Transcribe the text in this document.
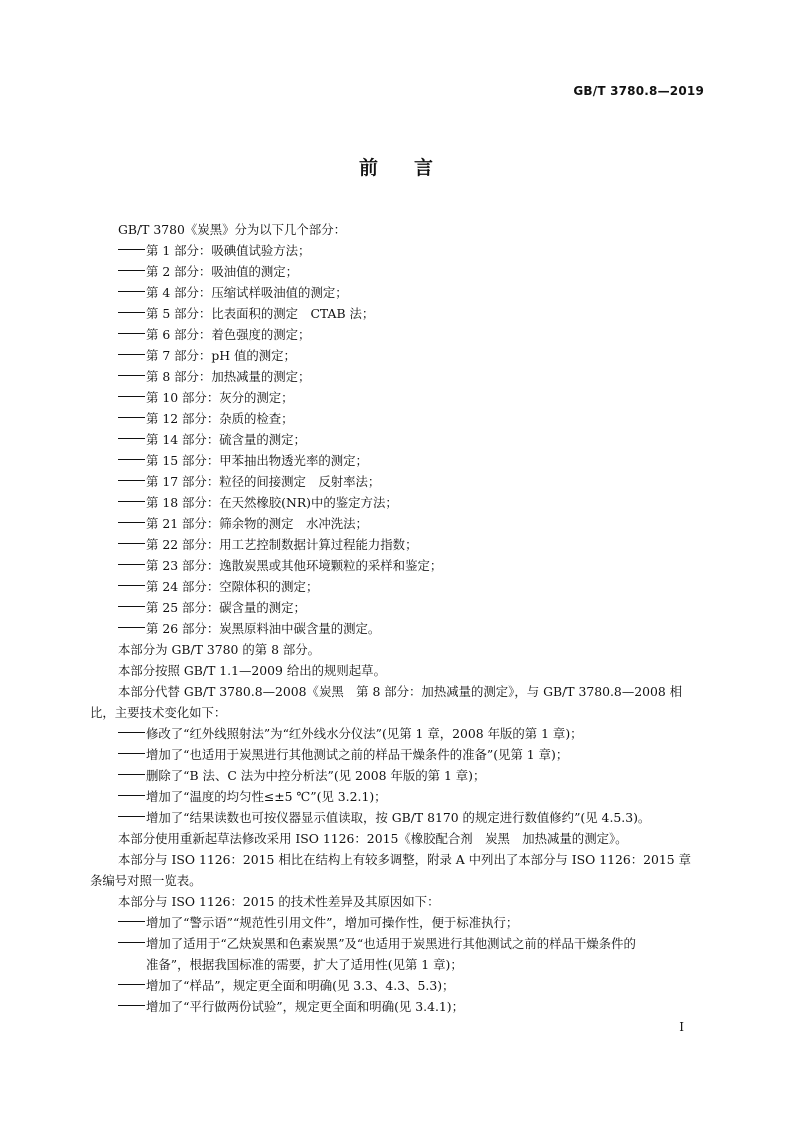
GB/T 3780.8—2019
前 言
GB/T 3780《炭黑》分为以下几个部分：
第 1 部分：吸碘值试验方法；
第 2 部分：吸油值的测定；
第 4 部分：压缩试样吸油值的测定；
第 5 部分：比表面积的测定　CTAB 法；
第 6 部分：着色强度的测定；
第 7 部分：pH 值的测定；
第 8 部分：加热减量的测定；
第 10 部分：灰分的测定；
第 12 部分：杂质的检查；
第 14 部分：硫含量的测定；
第 15 部分：甲苯抽出物透光率的测定；
第 17 部分：粒径的间接测定　反射率法；
第 18 部分：在天然橡胶(NR)中的鉴定方法；
第 21 部分：筛余物的测定　水冲洗法；
第 22 部分：用工艺控制数据计算过程能力指数；
第 23 部分：逸散炭黑或其他环境颗粒的采样和鉴定；
第 24 部分：空隙体积的测定；
第 25 部分：碳含量的测定；
第 26 部分：炭黑原料油中碳含量的测定。
本部分为 GB/T 3780 的第 8 部分。
本部分按照 GB/T 1.1—2009 给出的规则起草。
本部分代替 GB/T 3780.8—2008《炭黑　第 8 部分：加热减量的测定》，与 GB/T 3780.8—2008 相
比，主要技术变化如下：
修改了“红外线照射法”为“红外线水分仪法”(见第 1 章，2008 年版的第 1 章)；
增加了“也适用于炭黑进行其他测试之前的样品干燥条件的准备”(见第 1 章)；
删除了“B 法、C 法为中控分析法”(见 2008 年版的第 1 章)；
增加了“温度的均匀性≤±5 ℃”(见 3.2.1)；
增加了“结果读数也可按仪器显示值读取，按 GB/T 8170 的规定进行数值修约”(见 4.5.3)。
本部分使用重新起草法修改采用 ISO 1126：2015《橡胶配合剂　炭黑　加热减量的测定》。
本部分与 ISO 1126：2015 相比在结构上有较多调整，附录 A 中列出了本部分与 ISO 1126：2015 章
条编号对照一览表。
本部分与 ISO 1126：2015 的技术性差异及其原因如下：
增加了“警示语”“规范性引用文件”，增加可操作性，便于标准执行；
增加了适用于“乙炔炭黑和色素炭黑”及“也适用于炭黑进行其他测试之前的样品干燥条件的
准备”，根据我国标准的需要，扩大了适用性(见第 1 章)；
增加了“样品”，规定更全面和明确(见 3.3、4.3、5.3)；
增加了“平行做两份试验”，规定更全面和明确(见 3.4.1)；
I
